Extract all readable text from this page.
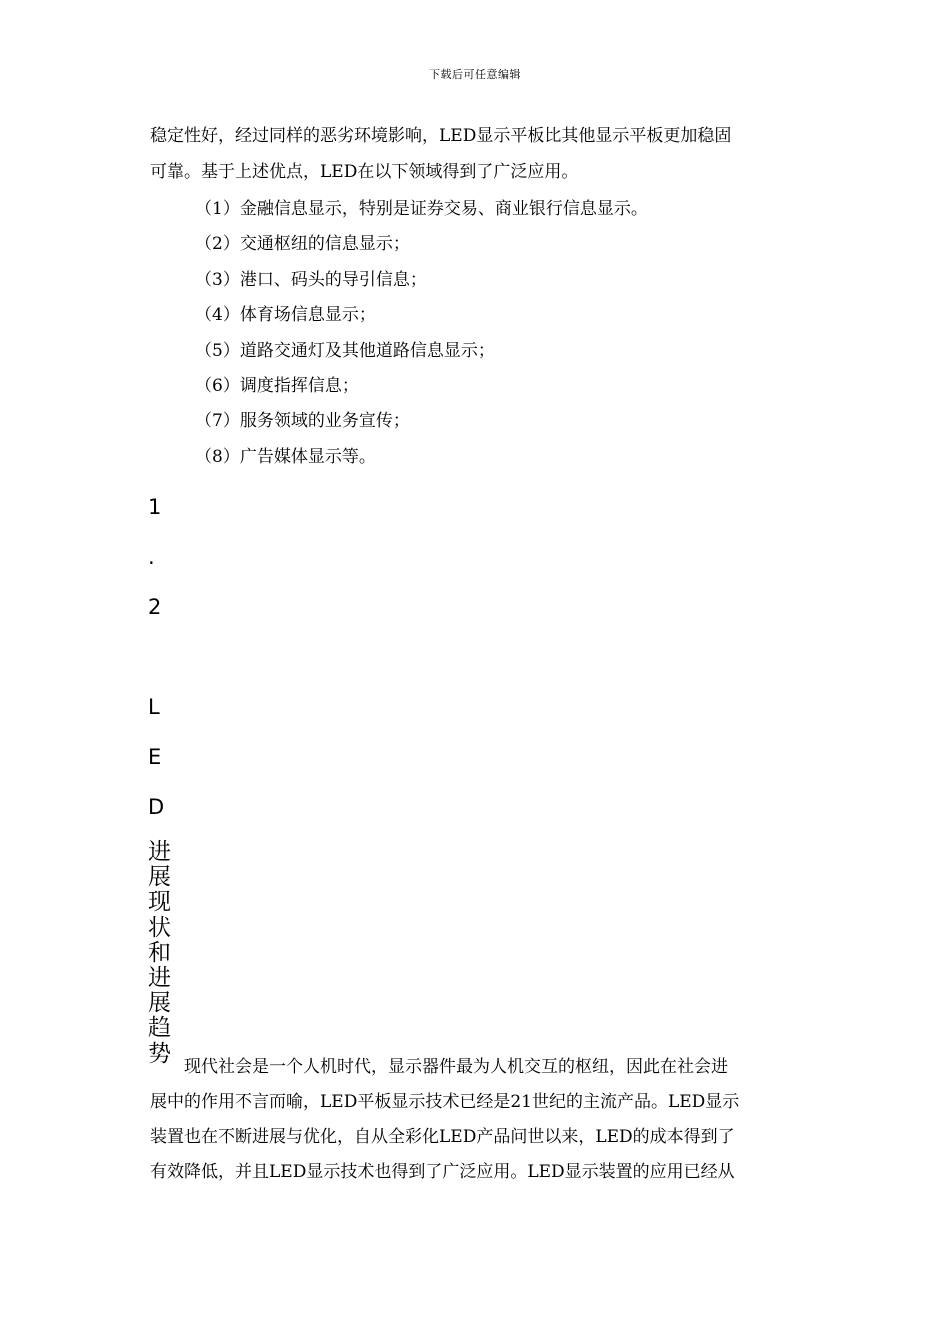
下载后可任意编辑
稳定性好，经过同样的恶劣环境影响，LED显示平板比其他显示平板更加稳固
可靠。基于上述优点，LED在以下领域得到了广泛应用。
（1）金融信息显示，特别是证券交易、商业银行信息显示。
（2）交通枢纽的信息显示；
（3）港口、码头的导引信息；
（4）体育场信息显示；
（5）道路交通灯及其他道路信息显示；
（6）调度指挥信息；
（7）服务领域的业务宣传；
（8）广告媒体显示等。
1
.
2
L
E
D
进
展
现
状
和
进
展
趋
势
现代社会是一个人机时代，显示器件最为人机交互的枢纽，因此在社会进
展中的作用不言而喻，LED平板显示技术已经是21世纪的主流产品。LED显示
装置也在不断进展与优化，自从全彩化LED产品问世以来，LED的成本得到了
有效降低，并且LED显示技术也得到了广泛应用。LED显示装置的应用已经从
